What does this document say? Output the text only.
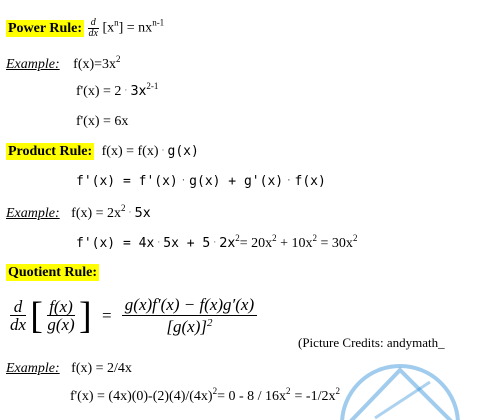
Power Rule: $\frac{d}{dx} [x^n] = nx^{n-1}$
Example: $f(x)=3x^2$
$f'(x) = 2 \cdot 3x^{2-1}$
f'(x) = 6x
Product Rule: f(x) = f(x) · g(x)
f'(x) = f'(x) · g(x) + g'(x) · f(x)
Example: $f(x) = 2x^2 \cdot 5x$
$f'(x) = 4x \cdot 5x + 5 \cdot 2x^2= 20x^2 + 10x^2 = 30x^2$
Quotient Rule:
$\frac{d}{dx}$ [ $\frac{f(x)}{g(x)}$ ] = $\frac{g(x)f'(x) - f(x)g'(x)}{[g(x)]^2}$
(Picture Credits: andymath_
Example: f(x) = 2/4x
$f'(x) = (4x)(0)-(2)(4)/(4x)^2= 0 - 8 / 16x^2 = -1/2x^2$
